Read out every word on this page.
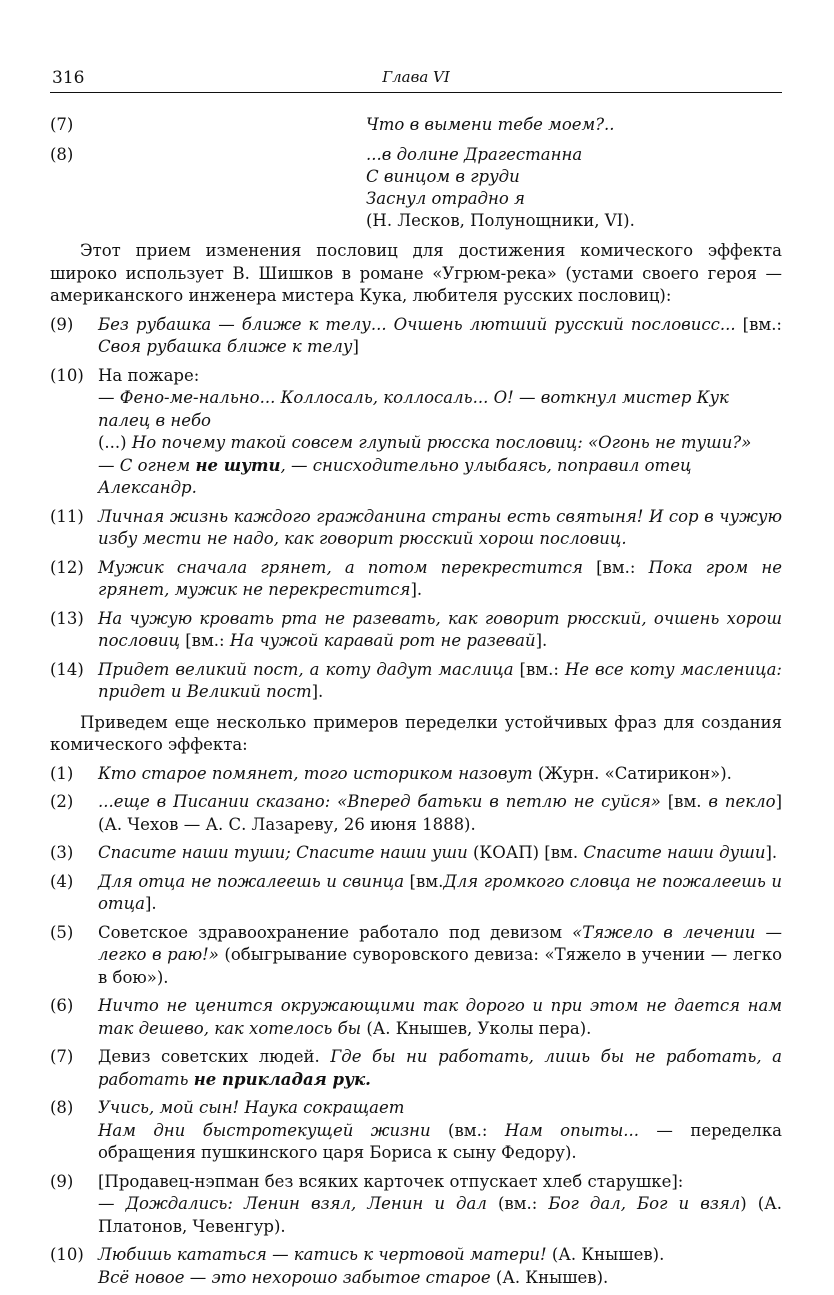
316	Глава VI
(7)	Что в вымени тебе моем?..
(8)	...в долине Драгестанна
С винцом в груди
Заснул отрадно я
(Н. Лесков, Полунощники, VI).

Этот прием изменения пословиц для достижения комического эффекта широко использует В. Шишков в романе «Угрюм-река» (устами своего героя — американского инженера мистера Кука, любителя русских пословиц):

(9) Без рубашка — ближе к телу... Очшень лютший русский пословисс... [вм.: Своя рубашка ближе к телу]
(10) На пожаре:
— Фено-ме-нально... Коллосаль, коллосаль... О! — воткнул мистер Кук палец в небо
(...) Но почему такой совсем глупый рюсска пословиц: «Огонь не туши?»
— С огнем не шути, — снисходительно улыбаясь, поправил отец Александр.
(11) Личная жизнь каждого гражданина страны есть святыня! И сор в чужую избу мести не надо, как говорит рюсский хорош пословиц.
(12) Мужик сначала грянет, а потом перекрестится [вм.: Пока гром не грянет, мужик не перекрестится].
(13) На чужую кровать рта не разевать, как говорит рюсский, очшень хорош пословиц [вм.: На чужой каравай рот не разевай].
(14) Придет великий пост, а коту дадут маслица [вм.: Не все коту масленица: придет и Великий пост].

Приведем еще несколько примеров переделки устойчивых фраз для создания комического эффекта:

(1) Кто старое помянет, того историком назовут (Журн. «Сатирикон»).
(2) ...еще в Писании сказано: «Вперед батьки в петлю не суйся» [вм. в пекло] (А. Чехов — А. С. Лазареву, 26 июня 1888).
(3) Спасите наши туши; Спасите наши уши (КОАП) [вм. Спасите наши души].
(4) Для отца не пожалеешь и свинца [вм.Для громкого словца не пожалеешь и отца].
(5) Советское здравоохранение работало под девизом «Тяжело в лечении — легко в раю!» (обыгрывание суворовского девиза: «Тяжело в учении — легко в бою»).
(6) Ничто не ценится окружающими так дорого и при этом не дается нам так дешево, как хотелось бы (А. Кнышев, Уколы пера).
(7) Девиз советских людей. Где бы ни работать, лишь бы не работать, а работать не прикладая рук.
(8) Учись, мой сын! Наука сокращает
Нам дни быстротекущей жизни (вм.: Нам опыты... — переделка обращения пушкинского царя Бориса к сыну Федору).
(9) [Продавец-нэпман без всяких карточек отпускает хлеб старушке]:
— Дождались: Ленин взял, Ленин и дал (вм.: Бог дал, Бог и взял) (А. Платонов, Чевенгур).
(10) Любишь кататься — катись к чертовой матери! (А. Кнышев).
Всё новое — это нехорошо забытое старое (А. Кнышев).
